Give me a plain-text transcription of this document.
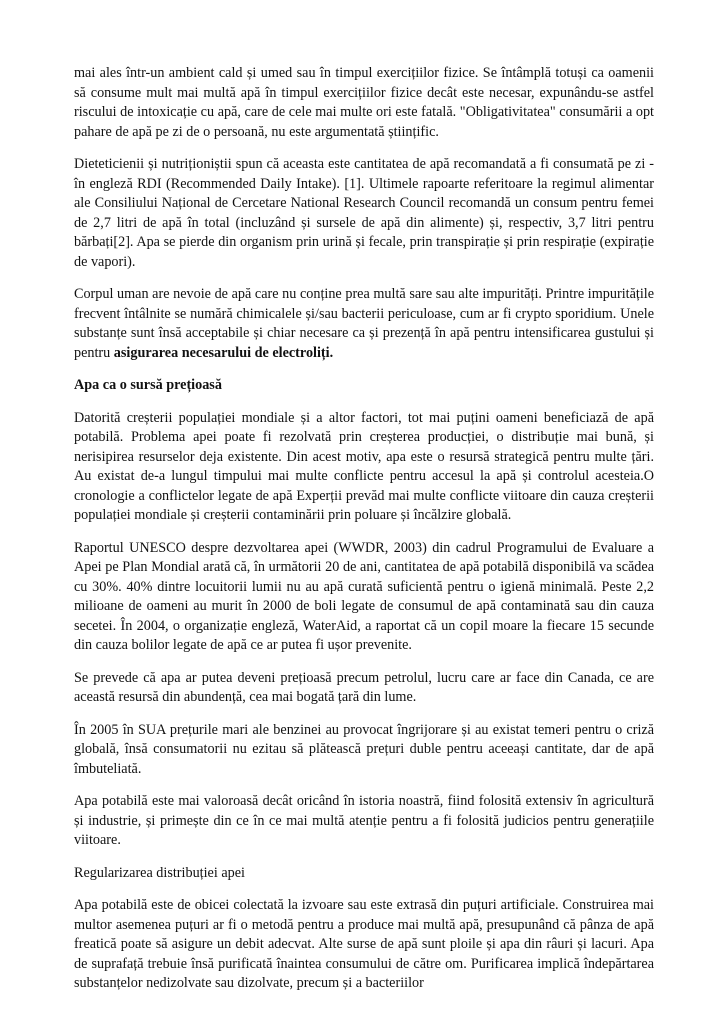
mai ales într-un ambient cald și umed sau în timpul exercițiilor fizice. Se întâmplă totuși ca oamenii să consume mult mai multă apă în timpul exercițiilor fizice decât este necesar, expunându-se astfel riscului de intoxicație cu apă, care de cele mai multe ori este fatală. "Obligativitatea" consumării a opt pahare de apă pe zi de o persoană, nu este argumentată științific.

Dieteticienii și nutriționiștii spun că aceasta este cantitatea de apă recomandată a fi consumată pe zi - în engleză RDI (Recommended Daily Intake). [1]. Ultimele rapoarte referitoare la regimul alimentar ale Consiliului Național de Cercetare National Research Council recomandă un consum pentru femei de 2,7 litri de apă în total (incluzând și sursele de apă din alimente) și, respectiv, 3,7 litri pentru bărbați[2]. Apa se pierde din organism prin urină și fecale, prin transpirație și prin respirație (expirație de vapori).

Corpul uman are nevoie de apă care nu conține prea multă sare sau alte impurități. Printre impuritățile frecvent întâlnite se numără chimicalele și/sau bacterii periculoase, cum ar fi crypto sporidium. Unele substanțe sunt însă acceptabile și chiar necesare ca și prezență în apă pentru intensificarea gustului și pentru asigurarea necesarului de electroliți.

Apa ca o sursă prețioasă

Datorită creșterii populației mondiale și a altor factori, tot mai puțini oameni beneficiază de apă potabilă. Problema apei poate fi rezolvată prin creșterea producției, o distribuție mai bună, și nerisipirea resurselor deja existente. Din acest motiv, apa este o resursă strategică pentru multe țări. Au existat de-a lungul timpului mai multe conflicte pentru accesul la apă și controlul acesteia.O cronologie a conflictelor legate de apă Experții prevăd mai multe conflicte viitoare din cauza creșterii populației mondiale și creșterii contaminării prin poluare și încălzire globală.

Raportul UNESCO despre dezvoltarea apei (WWDR, 2003) din cadrul Programului de Evaluare a Apei pe Plan Mondial arată că, în următorii 20 de ani, cantitatea de apă potabilă disponibilă va scădea cu 30%. 40% dintre locuitorii lumii nu au apă curată suficientă pentru o igienă minimală. Peste 2,2 milioane de oameni au murit în 2000 de boli legate de consumul de apă contaminată sau din cauza secetei. În 2004, o organizație engleză, WaterAid, a raportat că un copil moare la fiecare 15 secunde din cauza bolilor legate de apă ce ar putea fi ușor prevenite.

Se prevede că apa ar putea deveni prețioasă precum petrolul, lucru care ar face din Canada, ce are această resursă din abundență, cea mai bogată țară din lume.

În 2005 în SUA prețurile mari ale benzinei au provocat îngrijorare și au existat temeri pentru o criză globală, însă consumatorii nu ezitau să plătească prețuri duble pentru aceeași cantitate, dar de apă îmbuteliată.

Apa potabilă este mai valoroasă decât oricând în istoria noastră, fiind folosită extensiv în agricultură și industrie, și primește din ce în ce mai multă atenție pentru a fi folosită judicios pentru generațiile viitoare.

Regularizarea distribuției apei

Apa potabilă este de obicei colectată la izvoare sau este extrasă din puțuri artificiale. Construirea mai multor asemenea puțuri ar fi o metodă pentru a produce mai multă apă, presupunând că pânza de apă freatică poate să asigure un debit adecvat. Alte surse de apă sunt ploile și apa din râuri și lacuri. Apa de suprafață trebuie însă purificată înaintea consumului de către om. Purificarea implică îndepărtarea substanțelor nedizolvate sau dizolvate, precum și a bacteriilor
